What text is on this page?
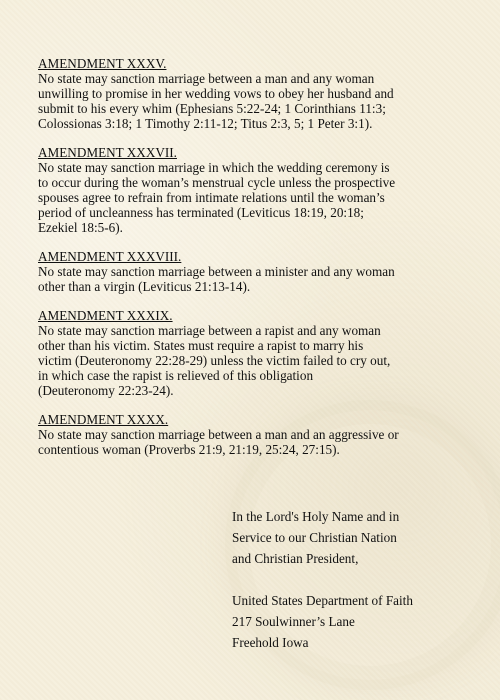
AMENDMENT XXXV.
No state may sanction marriage between a man and any woman
unwilling to promise in her wedding vows to obey her husband and
submit to his every whim (Ephesians 5:22-24; 1 Corinthians 11:3;
Colossionas 3:18; 1 Timothy 2:11-12; Titus 2:3, 5; 1 Peter 3:1).
AMENDMENT XXXVII.
No state may sanction marriage in which the wedding ceremony is
to occur during the woman’s menstrual cycle unless the prospective
spouses agree to refrain from intimate relations until the woman’s
period of uncleanness has terminated (Leviticus 18:19, 20:18;
Ezekiel 18:5-6).
AMENDMENT XXXVIII.
No state may sanction marriage between a minister and any woman
other than a virgin (Leviticus 21:13-14).
AMENDMENT XXXIX.
No state may sanction marriage between a rapist and any woman
other than his victim. States must require a rapist to marry his
victim (Deuteronomy 22:28-29) unless the victim failed to cry out,
in which case the rapist is relieved of this obligation
(Deuteronomy 22:23-24).
AMENDMENT XXXX.
No state may sanction marriage between a man and an aggressive or
contentious woman (Proverbs 21:9, 21:19, 25:24, 27:15).
In the Lord's Holy Name and in
Service to our Christian Nation
and Christian President,
United States Department of Faith
217 Soulwinner’s Lane
Freehold Iowa
